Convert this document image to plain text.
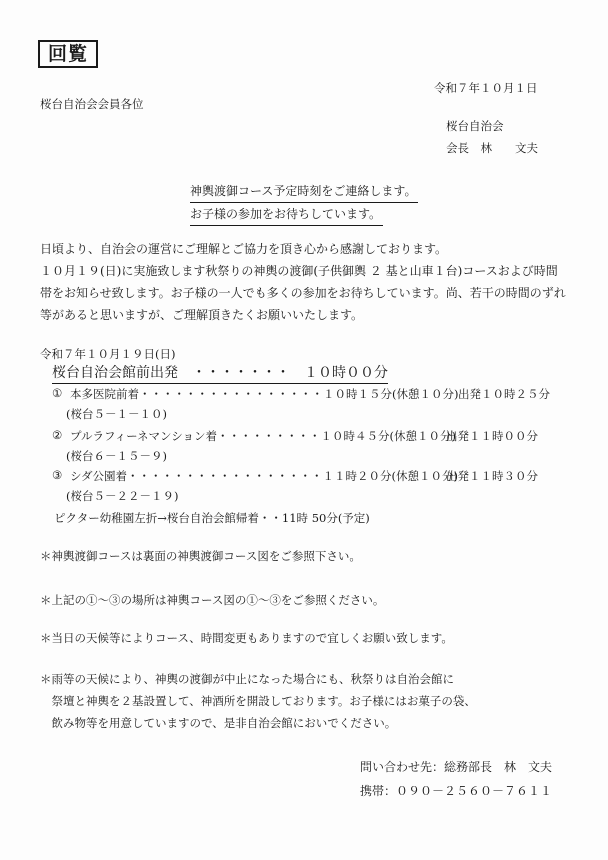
回覧
令和７年１０月１日
桜台自治会会員各位
桜台自治会
会長　林　　文夫
神輿渡御コース予定時刻をご連絡します。
お子様の参加をお待ちしています。

日頃より、自治会の運営にご理解とご協力を頂き心から感謝しております。

１０月１９(日)に実施致します秋祭りの神輿の渡御(子供御輿 ２ 基と山車１台)コースおよび時間

帯をお知らせ致します。お子様の一人でも多くの参加をお待ちしています。尚、若干の時間のずれ

等があると思いますが、ご理解頂きたくお願いいたします。

令和７年１０月１９日(日)
桜台自治会館前出発　・・・・・・・　１０時００分
① 本多医院前着・・・・・・・・・・・・・・・・１０時１５分(休憩１０分) 出発１０時２５分
(桜台５－１－１０)
② プルラフィーネマンション着・・・・・・・・・１０時４５分(休憩１０分)
出発１１時００分
(桜台６－１５－９)
③ シダ公園着・・・・・・・・・・・・・・・・・１１時２０分(休憩１０分)
出発１１時３０分
(桜台５－２２－１９)
ピクター幼稚園左折→桜台自治会館帰着・・11時 50分(予定)

＊神輿渡御コースは裏面の神輿渡御コース図をご参照下さい。

＊上記の①～③の場所は神輿コース図の①～③をご参照ください。

＊当日の天候等によりコース、時間変更もありますので宜しくお願い致します。

＊雨等の天候により、神輿の渡御が中止になった場合にも、秋祭りは自治会館に

　祭壇と神輿を２基設置して、神酒所を開設しております。お子様にはお菓子の袋、

　飲み物等を用意していますので、是非自治会館においでください。

問い合わせ先：総務部長　林　文夫
携帯：０９０－２５６０－７６１１
